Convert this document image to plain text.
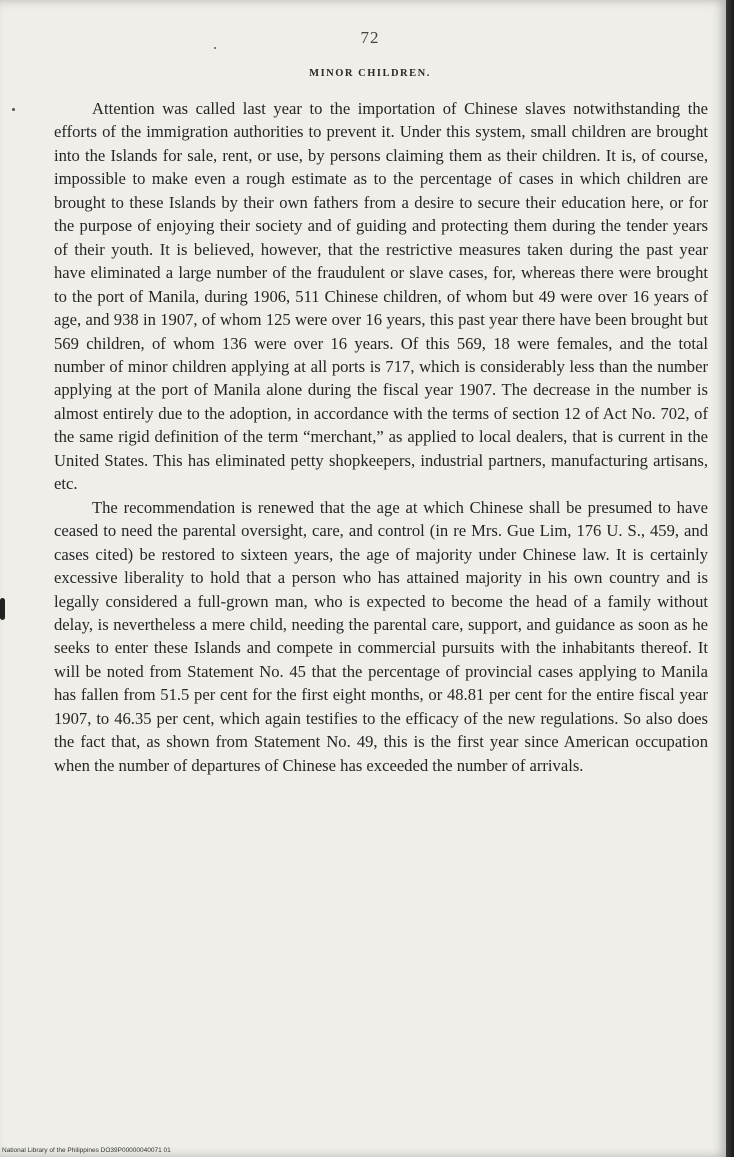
72
MINOR CHILDREN.

Attention was called last year to the importation of Chinese slaves notwithstanding the efforts of the immigration authorities to prevent it. Under this system, small children are brought into the Islands for sale, rent, or use, by persons claiming them as their children. It is, of course, impossible to make even a rough estimate as to the percentage of cases in which children are brought to these Islands by their own fathers from a desire to secure their education here, or for the purpose of enjoying their society and of guiding and protecting them during the tender years of their youth. It is believed, however, that the restrictive measures taken during the past year have eliminated a large number of the fraudulent or slave cases, for, whereas there were brought to the port of Manila, during 1906, 511 Chinese children, of whom but 49 were over 16 years of age, and 938 in 1907, of whom 125 were over 16 years, this past year there have been brought but 569 children, of whom 136 were over 16 years. Of this 569, 18 were females, and the total number of minor children applying at all ports is 717, which is considerably less than the number applying at the port of Manila alone during the fiscal year 1907. The decrease in the number is almost entirely due to the adoption, in accordance with the terms of section 12 of Act No. 702, of the same rigid definition of the term “merchant,” as applied to local dealers, that is current in the United States. This has eliminated petty shopkeepers, industrial partners, manufacturing artisans, etc.

The recommendation is renewed that the age at which Chinese shall be presumed to have ceased to need the parental oversight, care, and control (in re Mrs. Gue Lim, 176 U. S., 459, and cases cited) be restored to sixteen years, the age of majority under Chinese law. It is certainly excessive liberality to hold that a person who has attained majority in his own country and is legally considered a full-grown man, who is expected to become the head of a family without delay, is nevertheless a mere child, needing the parental care, support, and guidance as soon as he seeks to enter these Islands and compete in commercial pursuits with the inhabitants thereof. It will be noted from Statement No. 45 that the percentage of provincial cases applying to Manila has fallen from 51.5 per cent for the first eight months, or 48.81 per cent for the entire fiscal year 1907, to 46.35 per cent, which again testifies to the efficacy of the new regulations. So also does the fact that, as shown from Statement No. 49, this is the first year since American occupation when the number of departures of Chinese has exceeded the number of arrivals.

National Library of the Philippines DO39P00000040071 01
